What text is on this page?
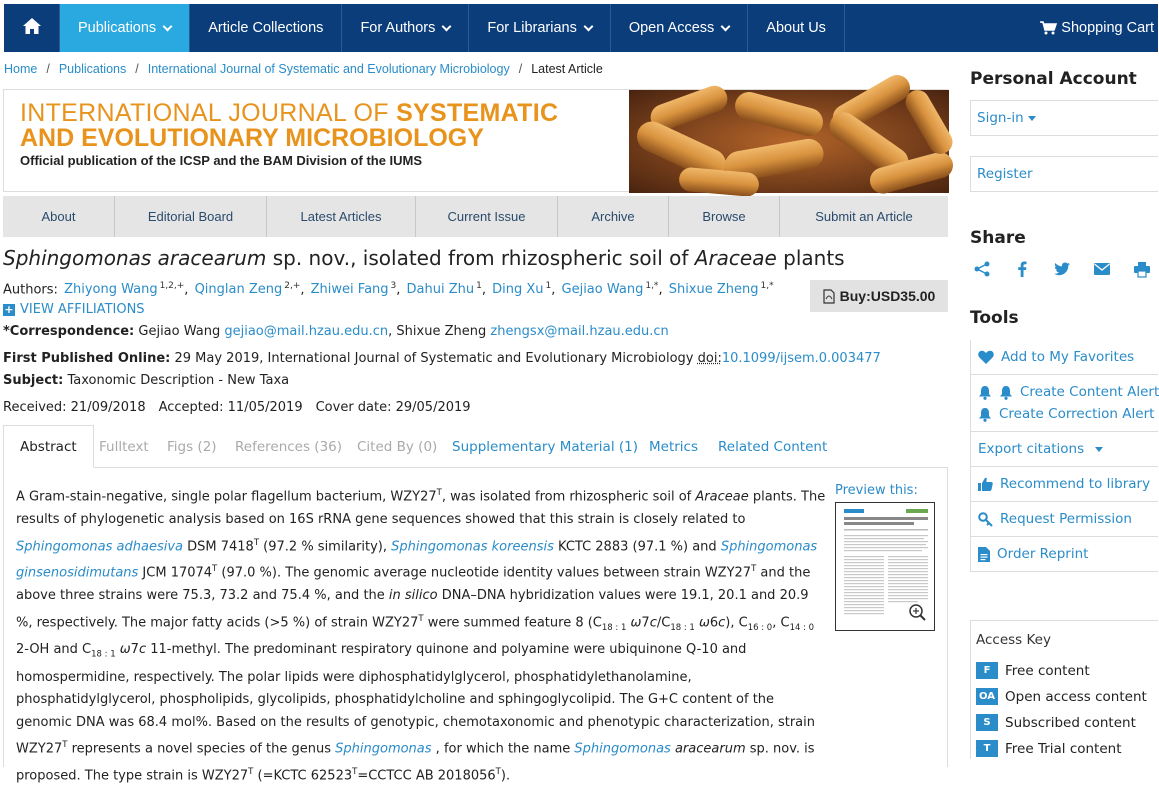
Publications	Article Collections	For Authors	For Librarians	Open Access	About Us	Shopping Cart
Home / Publications / International Journal of Systematic and Evolutionary Microbiology / Latest Article
INTERNATIONAL JOURNAL OF SYSTEMATIC
AND EVOLUTIONARY MICROBIOLOGY
Official publication of the ICSP and the BAM Division of the IUMS
About	Editorial Board	Latest Articles	Current Issue	Archive	Browse	Submit an Article
Sphingomonas aracearum sp. nov., isolated from rhizospheric soil of Araceae plants
Authors: Zhiyong Wang $^{1,2,+}$, Qinglan Zeng $^{2,+}$, Zhiwei Fang $^3$, Dahui Zhu $^1$, Ding Xu $^1$, Gejiao Wang $^{1,*}$, Shixue Zheng $^{1,*}$
+ VIEW AFFILIATIONS
Buy:USD35.00
*Correspondence: Gejiao Wang gejiao@mail.hzau.edu.cn, Shixue Zheng zhengsx@mail.hzau.edu.cn
First Published Online: 29 May 2019, International Journal of Systematic and Evolutionary Microbiology doi:10.1099/ijsem.0.003477
Subject: Taxonomic Description - New Taxa
Received: 21/09/2018 Accepted: 11/05/2019 Cover date: 29/05/2019
Abstract	Fulltext Figs (2) References (36) Cited By (0) Supplementary Material (1) Metrics Related Content
A Gram-stain-negative, single polar flagellum bacterium, $WZY27^T$, was isolated from rhizospheric soil of Araceae plants. The results of phylogenetic analysis based on 16S rRNA gene sequences showed that this strain is closely related to Sphingomonas adhaesiva DSM $7418^T$ (97.2 % similarity), Sphingomonas koreensis KCTC 2883 (97.1 %) and Sphingomonas ginsenosidimutans JCM $17074^T$ (97.0 %). The genomic average nucleotide identity values between strain $WZY27^T$ and the above three strains were 75.3, 73.2 and 75.4 %, and the in silico DNA–DNA hybridization values were 19.1, 20.1 and 20.9 %, respectively. The major fatty acids (>5 %) of strain $WZY27^T$ were summed feature 8 ($C_{18 : 1}$ $\omega 7c/C_{18 : 1}$ ω6c), $C_{16 : 0}$, $C_{14 : 0}$ 2-OH and $C_{18 : 1}$ ω7c 11-methyl. The predominant respiratory quinone and polyamine were ubiquinone Q-10 and homospermidine, respectively. The polar lipids were diphosphatidylglycerol, phosphatidylethanolamine, phosphatidylglycerol, phospholipids, glycolipids, phosphatidylcholine and sphingoglycolipid. The G+C content of the genomic DNA was 68.4 mol%. Based on the results of genotypic, chemotaxonomic and phenotypic characterization, strain $WZY27^T$ represents a novel species of the genus Sphingomonas , for which the name Sphingomonas aracearum sp. nov. is proposed. The type strain is $WZY27^T$ (=KCTC $62523^T=CCTCC$ AB $2018056^T$).
Preview this:
Personal Account
Sign-in
Register
Share
Tools
Add to My Favorites
Create Content Alert
Create Correction Alert
Export citations
Recommend to library
Request Permission
Order Reprint
Access Key
F	Free content
OA Open access content
S	Subscribed content
T	Free Trial content
